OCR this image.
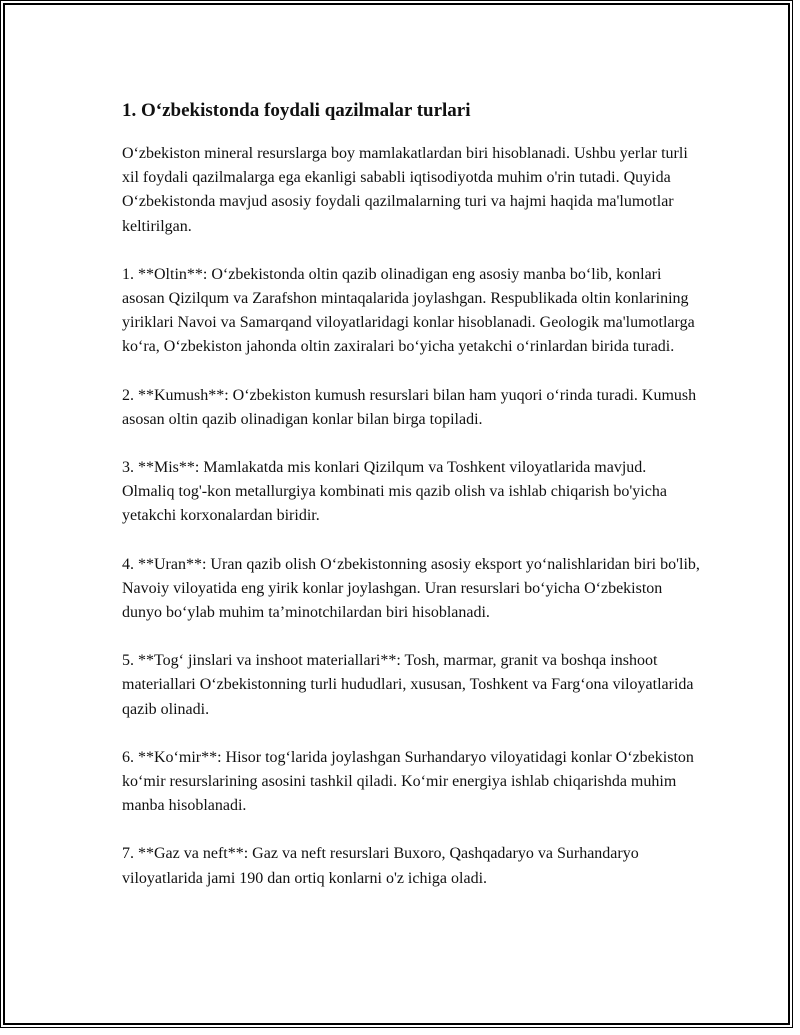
1. O‘zbekistonda foydali qazilmalar turlari

O‘zbekiston mineral resurslarga boy mamlakatlardan biri hisoblanadi. Ushbu yerlar turli xil foydali qazilmalarga ega ekanligi sababli iqtisodiyotda muhim o'rin tutadi. Quyida O‘zbekistonda mavjud asosiy foydali qazilmalarning turi va hajmi haqida ma'lumotlar keltirilgan.

1. **Oltin**: O‘zbekistonda oltin qazib olinadigan eng asosiy manba bo‘lib, konlari asosan Qizilqum va Zarafshon mintaqalarida joylashgan. Respublikada oltin konlarining yiriklari Navoi va Samarqand viloyatlaridagi konlar hisoblanadi. Geologik ma'lumotlarga ko‘ra, O‘zbekiston jahonda oltin zaxiralari bo‘yicha yetakchi o‘rinlardan birida turadi.

2. **Kumush**: O‘zbekiston kumush resurslari bilan ham yuqori o‘rinda turadi. Kumush asosan oltin qazib olinadigan konlar bilan birga topiladi.

3. **Mis**: Mamlakatda mis konlari Qizilqum va Toshkent viloyatlarida mavjud. Olmaliq tog'-kon metallurgiya kombinati mis qazib olish va ishlab chiqarish bo'yicha yetakchi korxonalardan biridir.

4. **Uran**: Uran qazib olish O‘zbekistonning asosiy eksport yo‘nalishlaridan biri bo'lib, Navoiy viloyatida eng yirik konlar joylashgan. Uran resurslari bo‘yicha O‘zbekiston dunyo bo‘ylab muhim ta’minotchilardan biri hisoblanadi.

5. **Tog‘ jinslari va inshoot materiallari**: Tosh, marmar, granit va boshqa inshoot materiallari O‘zbekistonning turli hududlari, xususan, Toshkent va Farg‘ona viloyatlarida qazib olinadi.

6. **Ko‘mir**: Hisor tog‘larida joylashgan Surhandaryo viloyatidagi konlar O‘zbekiston ko‘mir resurslarining asosini tashkil qiladi. Ko‘mir energiya ishlab chiqarishda muhim manba hisoblanadi.

7. **Gaz va neft**: Gaz va neft resurslari Buxoro, Qashqadaryo va Surhandaryo viloyatlarida jami 190 dan ortiq konlarni o'z ichiga oladi.
